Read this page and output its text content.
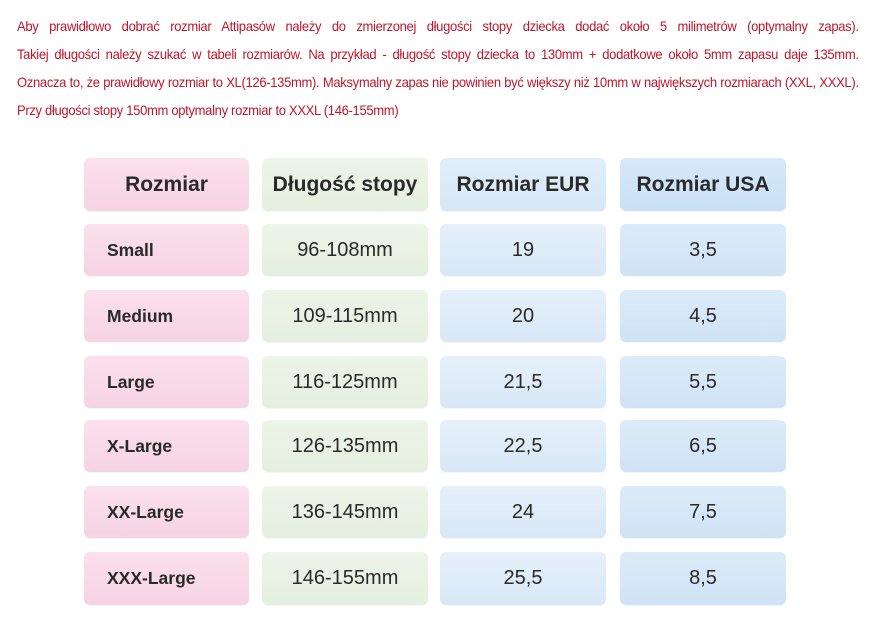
Aby prawidłowo dobrać rozmiar Attipasów należy do zmierzonej długości stopy dziecka dodać około 5 milimetrów (optymalny zapas).
Takiej długości należy szukać w tabeli rozmiarów. Na przykład - długość stopy dziecka to 130mm + dodatkowe około 5mm zapasu daje 135mm.
Oznacza to, że prawidłowy rozmiar to XL(126-135mm). Maksymalny zapas nie powinien być większy niż 10mm w największych rozmiarach (XXL, XXXL).
Przy długości stopy 150mm optymalny rozmiar to XXXL (146-155mm)
Rozmiar	Długość stopy	Rozmiar EUR	Rozmiar USA
Small	96-108mm	19	3,5
Medium	109-115mm	20	4,5
Large	116-125mm	21,5	5,5
X-Large	126-135mm	22,5	6,5
XX-Large	136-145mm	24	7,5
XXX-Large	146-155mm	25,5	8,5
